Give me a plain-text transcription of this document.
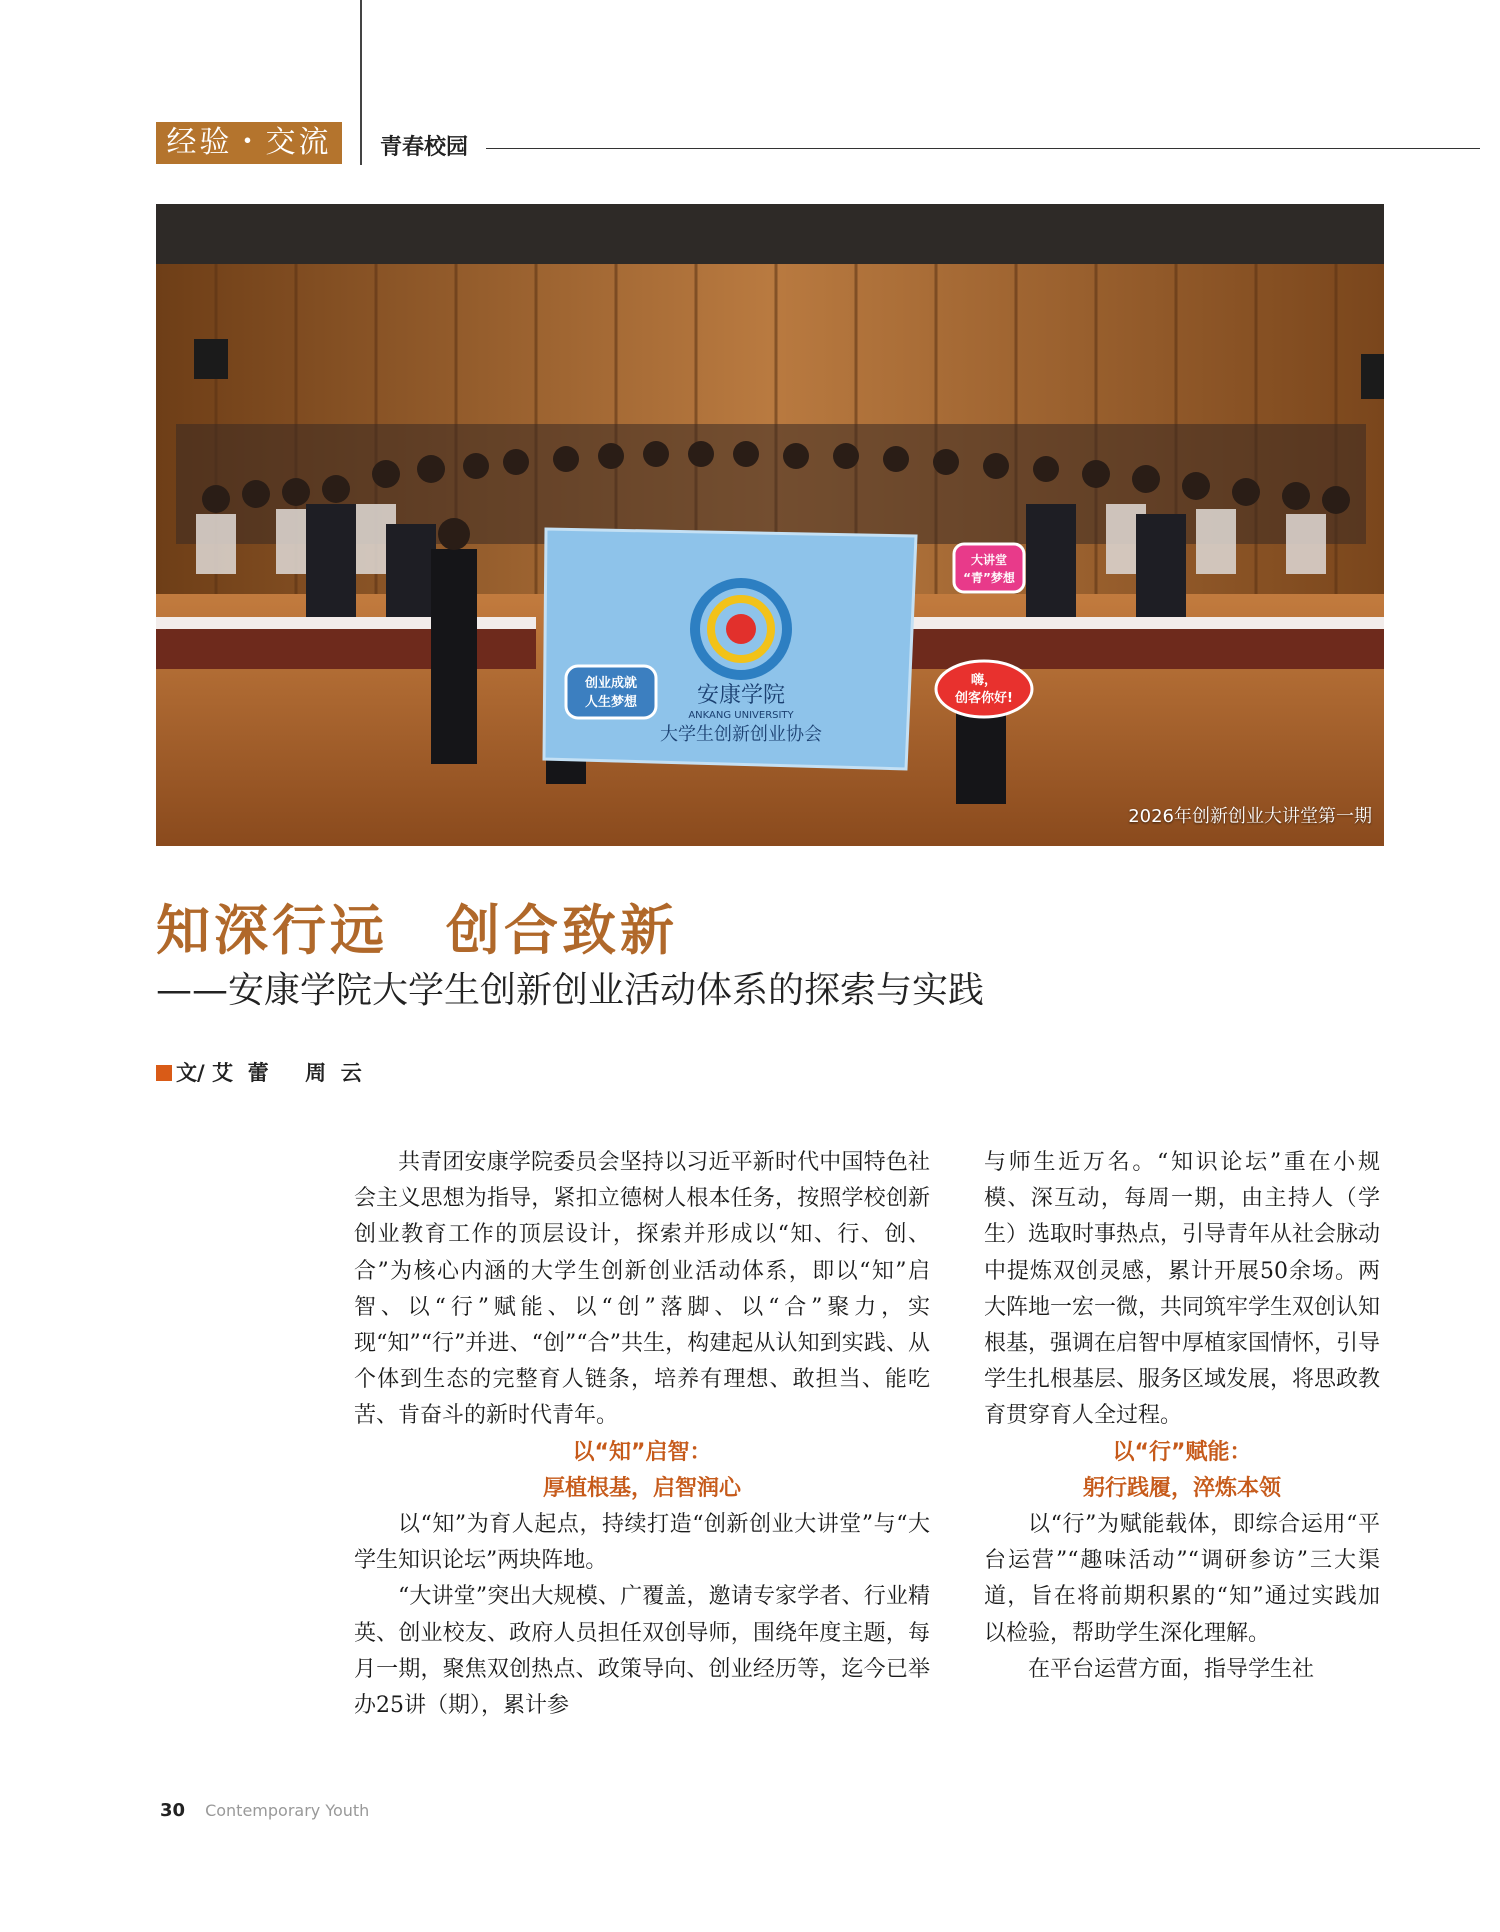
经验・交流	青春校园
安康学院
ANKANG UNIVERSITY
大学生创新创业协会
创业成就
人生梦想
嗨，
创客你好!
大讲堂
“青”梦想
2026年创新创业大讲堂第一期
知深行远　创合致新
——安康学院大学生创新创业活动体系的探索与实践
文/ 艾  蕾     周  云

共青团安康学院委员会坚持以习近平新时代中国特色社会主义思想为指导，紧扣立德树人根本任务，按照学校创新创业教育工作的顶层设计，探索并形成以“知、行、创、合”为核心内涵的大学生创新创业活动体系，即以“知”启智、以“行”赋能、以“创”落脚、以“合”聚力，实现“知”“行”并进、“创”“合”共生，构建起从认知到实践、从个体到生态的完整育人链条，培养有理想、敢担当、能吃苦、肯奋斗的新时代青年。

以“知”启智：
厚植根基，启智润心

以“知”为育人起点，持续打造“创新创业大讲堂”与“大学生知识论坛”两块阵地。

“大讲堂”突出大规模、广覆盖，邀请专家学者、行业精英、创业校友、政府人员担任双创导师，围绕年度主题，每月一期，聚焦双创热点、政策导向、创业经历等，迄今已举办25讲（期），累计参

与师生近万名。“知识论坛”重在小规模、深互动，每周一期，由主持人（学生）选取时事热点，引导青年从社会脉动中提炼双创灵感，累计开展50余场。两大阵地一宏一微，共同筑牢学生双创认知根基，强调在启智中厚植家国情怀，引导学生扎根基层、服务区域发展，将思政教育贯穿育人全过程。

以“行”赋能：
躬行践履，淬炼本领

以“行”为赋能载体，即综合运用“平台运营”“趣味活动”“调研参访”三大渠道，旨在将前期积累的“知”通过实践加以检验，帮助学生深化理解。

在平台运营方面，指导学生社

30 Contemporary Youth
